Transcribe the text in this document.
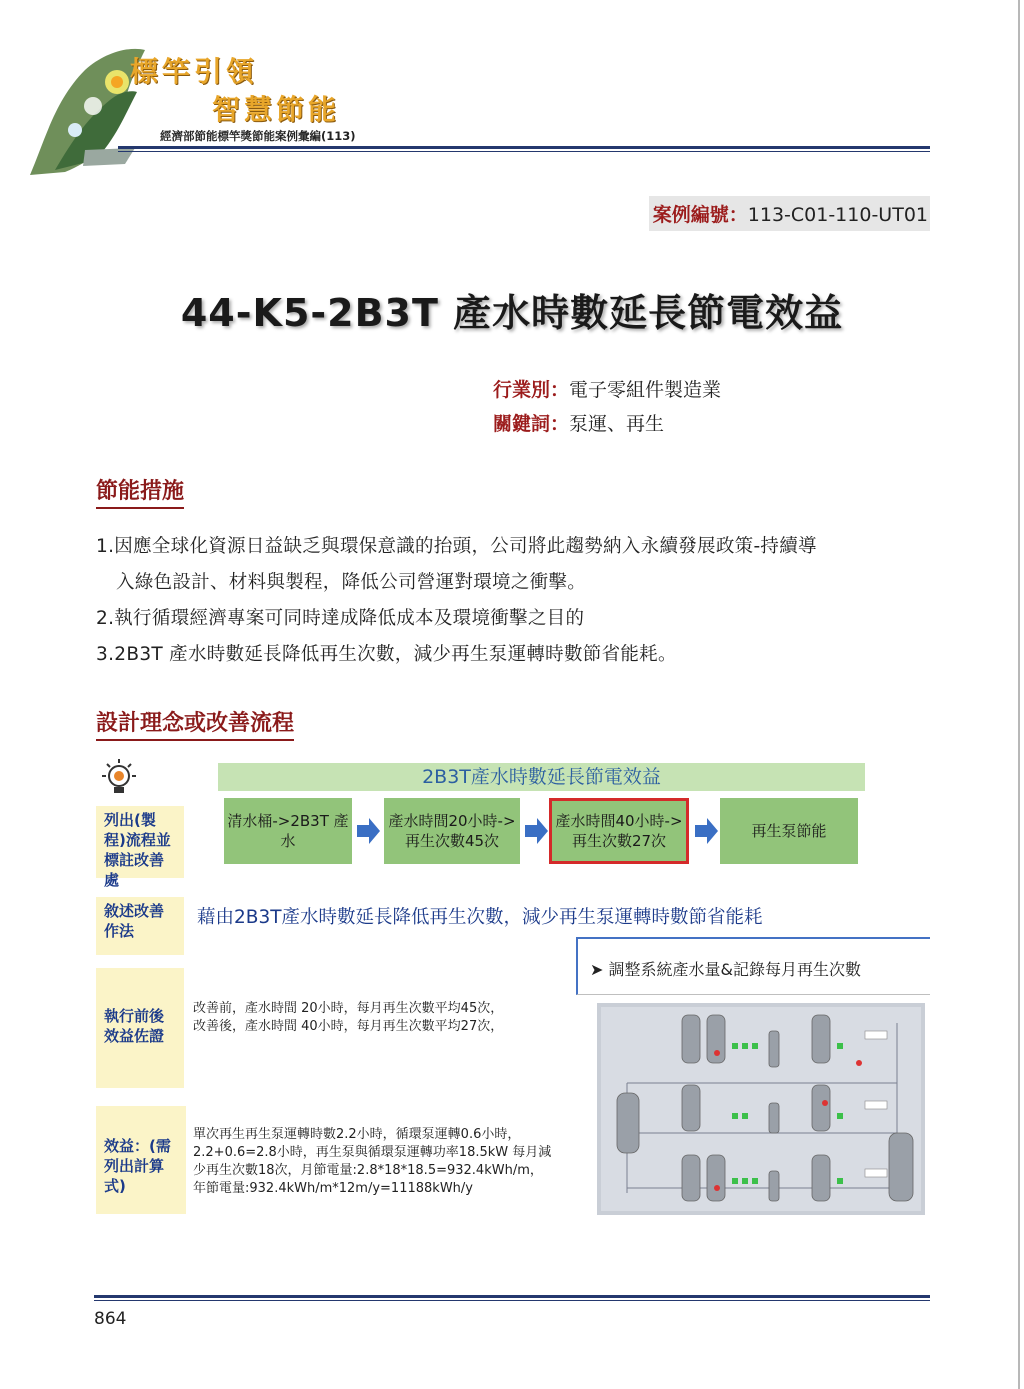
標竿引領
智慧節能
經濟部節能標竿獎節能案例彙編(113)
案例編號：113-C01-110-UT01
44-K5-2B3T 產水時數延長節電效益
行業別：電子零組件製造業
關鍵詞：泵運、再生
節能措施
1.因應全球化資源日益缺乏與環保意識的抬頭，公司將此趨勢納入永續發展政策-持續導
入綠色設計、材料與製程，降低公司營運對環境之衝擊。
2.執行循環經濟專案可同時達成降低成本及環境衝擊之目的
3.2B3T 產水時數延長降低再生次數，減少再生泵運轉時數節省能耗。
設計理念或改善流程
2B3T產水時數延長節電效益
列出(製程)流程並標註改善處
敘述改善作法
執行前後效益佐證
效益：(需列出計算式)
清水桶->2B3T 產水
產水時間20小時->再生次數45次
產水時間40小時->再生次數27次
再生泵節能
藉由2B3T產水時數延長降低再生次數，減少再生泵運轉時數節省能耗
➤ 調整系統產水量&記錄每月再生次數
改善前，產水時間 20小時，每月再生次數平均45次，
改善後，產水時間 40小時，每月再生次數平均27次，
單次再生再生泵運轉時數2.2小時，循環泵運轉0.6小時，
2.2+0.6=2.8小時，再生泵與循環泵運轉功率18.5kW 每月減
少再生次數18次，月節電量:2.8*18*18.5=932.4kWh/m，
年節電量:932.4kWh/m*12m/y=11188kWh/y
864
